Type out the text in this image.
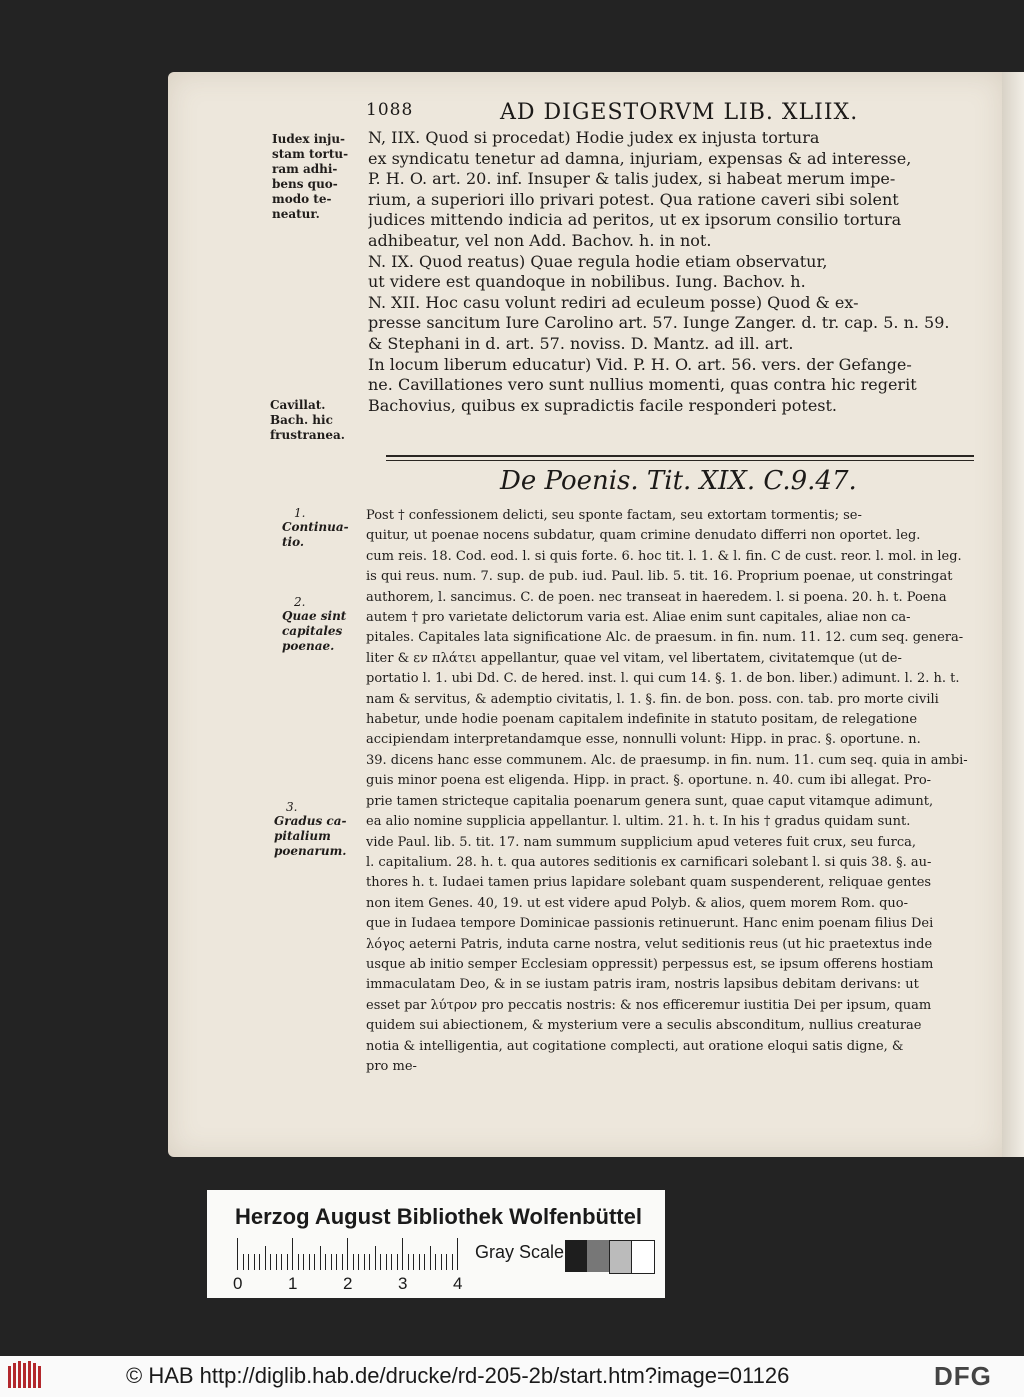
1088	AD DIGESTORVM LIB. XLIIX.
Iudex inju-
stam tortu-
ram adhi-
bens quo-
modo te-
neatur.
Cavillat.
Bach. hic
frustranea.
N, IIX. Quod si procedat) Hodie judex ex injusta tortura
ex syndicatu tenetur ad damna, injuriam, expensas & ad interesse,
P. H. O. art. 20. inf. Insuper & talis judex, si habeat merum impe-
rium, a superiori illo privari potest. Qua ratione caveri sibi solent
judices mittendo indicia ad peritos, ut ex ipsorum consilio tortura
adhibeatur, vel non Add. Bachov. h. in not.
N. IX. Quod reatus) Quae regula hodie etiam observatur,
ut videre est quandoque in nobilibus. Iung. Bachov. h.
N. XII. Hoc casu volunt rediri ad eculeum posse) Quod & ex-
presse sancitum Iure Carolino art. 57. Iunge Zanger. d. tr. cap. 5. n. 59.
& Stephani in d. art. 57. noviss. D. Mantz. ad ill. art.
In locum liberum educatur) Vid. P. H. O. art. 56. vers. der Gefange-
ne. Cavillationes vero sunt nullius momenti, quas contra hic regerit
Bachovius, quibus ex supradictis facile responderi potest.
De Poenis. Tit. XIX. C.9.47.
1.
Continua-
tio.
2.
Quae sint
capitales
poenae.
3.
Gradus ca-
pitalium
poenarum.
Post † confessionem delicti, seu sponte factam, seu extortam tormentis; se-
quitur, ut poenae nocens subdatur, quam crimine denudato differri non oportet. leg.
cum reis. 18. Cod. eod. l. si quis forte. 6. hoc tit. l. 1. & l. fin. C de cust. reor. l. mol. in leg.
is qui reus. num. 7. sup. de pub. iud. Paul. lib. 5. tit. 16. Proprium poenae, ut constringat
authorem, l. sancimus. C. de poen. nec transeat in haeredem. l. si poena. 20. h. t. Poena
autem † pro varietate delictorum varia est. Aliae enim sunt capitales, aliae non ca-
pitales. Capitales lata significatione Alc. de praesum. in fin. num. 11. 12. cum seq. genera-
liter & εν πλάτει appellantur, quae vel vitam, vel libertatem, civitatemque (ut de-
portatio l. 1. ubi Dd. C. de hered. inst. l. qui cum 14. §. 1. de bon. liber.) adimunt. l. 2. h. t.
nam & servitus, & ademptio civitatis, l. 1. §. fin. de bon. poss. con. tab. pro morte civili
habetur, unde hodie poenam capitalem indefinite in statuto positam, de relegatione
accipiendam interpretandamque esse, nonnulli volunt: Hipp. in prac. §. oportune. n.
39. dicens hanc esse communem. Alc. de praesump. in fin. num. 11. cum seq. quia in ambi-
guis minor poena est eligenda. Hipp. in pract. §. oportune. n. 40. cum ibi allegat. Pro-
prie tamen stricteque capitalia poenarum genera sunt, quae caput vitamque adimunt,
ea alio nomine supplicia appellantur. l. ultim. 21. h. t. In his † gradus quidam sunt.
vide Paul. lib. 5. tit. 17. nam summum supplicium apud veteres fuit crux, seu furca,
l. capitalium. 28. h. t. qua autores seditionis ex carnificari solebant l. si quis 38. §. au-
thores h. t. Iudaei tamen prius lapidare solebant quam suspenderent, reliquae gentes
non item Genes. 40, 19. ut est videre apud Polyb. & alios, quem morem Rom. quo-
que in Iudaea tempore Dominicae passionis retinuerunt. Hanc enim poenam filius Dei
λόγος aeterni Patris, induta carne nostra, velut seditionis reus (ut hic praetextus inde
usque ab initio semper Ecclesiam oppressit) perpessus est, se ipsum offerens hostiam
immaculatam Deo, & in se iustam patris iram, nostris lapsibus debitam derivans: ut
esset par λύτρον pro peccatis nostris: & nos efficeremur iustitia Dei per ipsum, quam
quidem sui abiectionem, & mysterium vere a seculis absconditum, nullius creaturae
notia & intelligentia, aut cogitatione complecti, aut oratione eloqui satis digne, &
pro me-
Herzog August Bibliothek Wolfenbüttel
Gray Scale
0	1	2	3	4
© HAB http://diglib.hab.de/drucke/rd-205-2b/start.htm?image=01126	DFG
